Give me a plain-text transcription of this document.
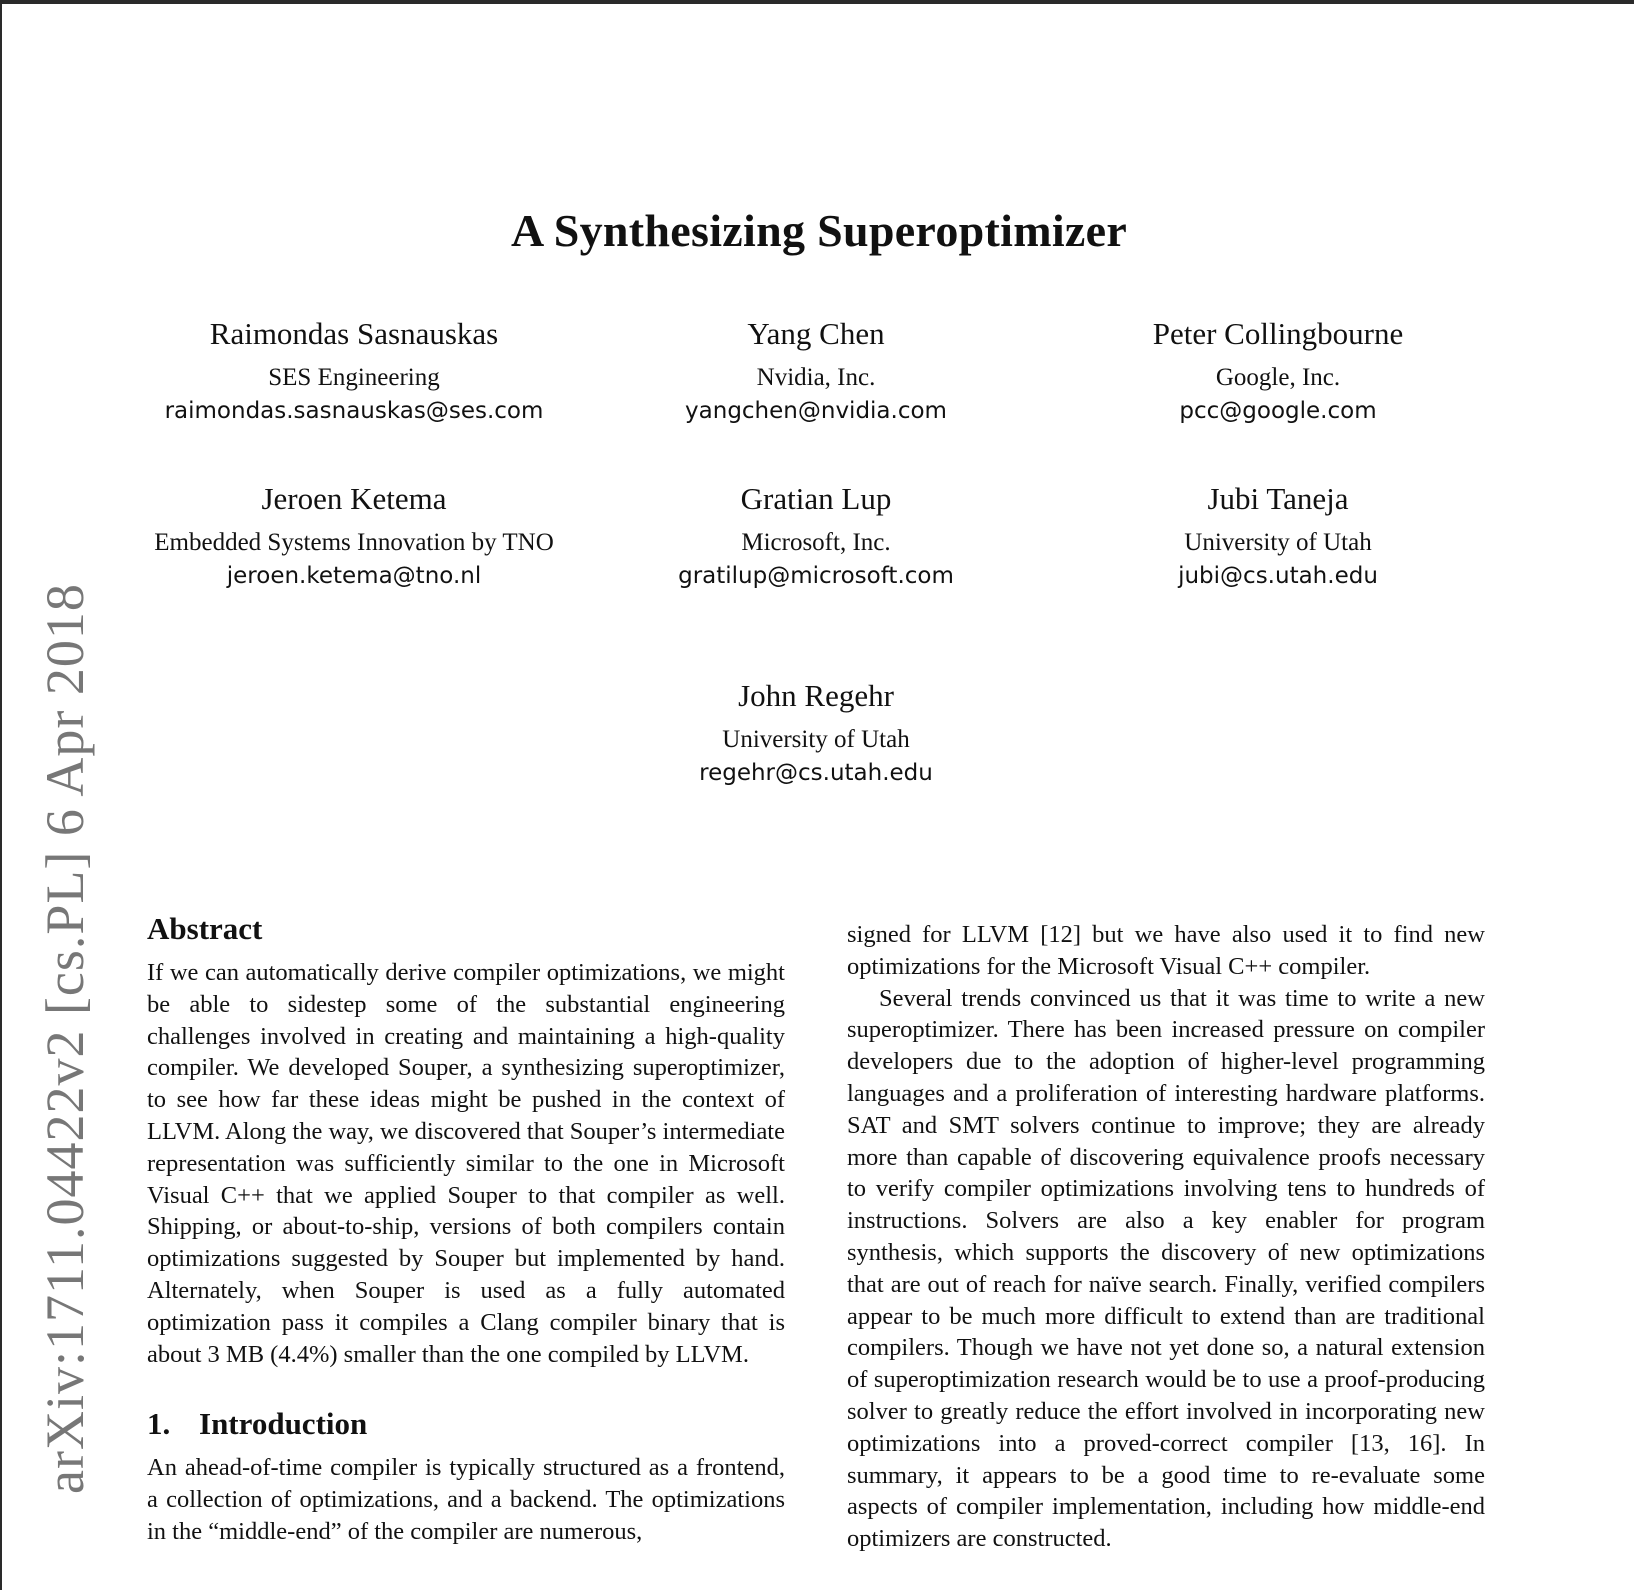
arXiv:1711.04422v2 [cs.PL] 6 Apr 2018
A Synthesizing Superoptimizer
Raimondas Sasnauskas
SES Engineering
raimondas.sasnauskas@ses.com
Yang Chen
Nvidia, Inc.
yangchen@nvidia.com
Peter Collingbourne
Google, Inc.
pcc@google.com
Jeroen Ketema
Embedded Systems Innovation by TNO
jeroen.ketema@tno.nl
Gratian Lup
Microsoft, Inc.
gratilup@microsoft.com
Jubi Taneja
University of Utah
jubi@cs.utah.edu
John Regehr
University of Utah
regehr@cs.utah.edu
Abstract

If we can automatically derive compiler optimizations, we might be able to sidestep some of the substantial engineering challenges involved in creating and maintaining a high-quality compiler. We developed Souper, a synthesizing superoptimizer, to see how far these ideas might be pushed in the context of LLVM. Along the way, we discovered that Souper’s intermediate representation was sufficiently similar to the one in Microsoft Visual C++ that we applied Souper to that compiler as well. Shipping, or about-to-ship, versions of both compilers contain optimizations suggested by Souper but implemented by hand. Alternately, when Souper is used as a fully automated optimization pass it compiles a Clang compiler binary that is about 3 MB (4.4%) smaller than the one compiled by LLVM.

1. Introduction

An ahead-of-time compiler is typically structured as a frontend, a collection of optimizations, and a backend. The optimizations in the “middle-end” of the compiler are numerous,

signed for LLVM [12] but we have also used it to find new optimizations for the Microsoft Visual C++ compiler.

Several trends convinced us that it was time to write a new superoptimizer. There has been increased pressure on compiler developers due to the adoption of higher-level programming languages and a proliferation of interesting hardware platforms. SAT and SMT solvers continue to improve; they are already more than capable of discovering equivalence proofs necessary to verify compiler optimizations involving tens to hundreds of instructions. Solvers are also a key enabler for program synthesis, which supports the discovery of new optimizations that are out of reach for naïve search. Finally, verified compilers appear to be much more difficult to extend than are traditional compilers. Though we have not yet done so, a natural extension of superoptimization research would be to use a proof-producing solver to greatly reduce the effort involved in incorporating new optimizations into a proved-correct compiler [13, 16]. In summary, it appears to be a good time to re-evaluate some aspects of compiler implementation, including how middle-end optimizers are constructed.
